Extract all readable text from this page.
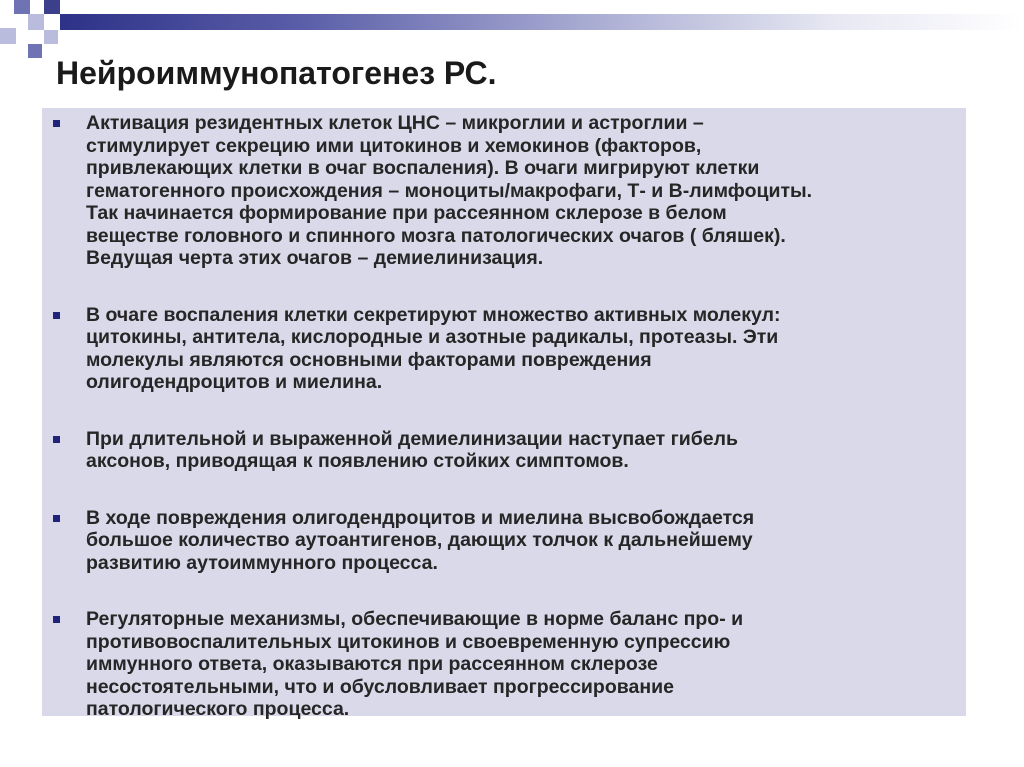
Нейроиммунопатогенез РС.
Активация резидентных клеток ЦНС – микроглии и астроглии –
стимулирует секрецию ими цитокинов и хемокинов (факторов,
привлекающих клетки в очаг воспаления). В очаги мигрируют клетки
гематогенного происхождения – моноциты/макрофаги, Т- и В-лимфоциты.
Так начинается формирование при рассеянном склерозе в белом
веществе головного и спинного мозга патологических очагов ( бляшек).
Ведущая черта этих очагов – демиелинизация.
В очаге воспаления клетки секретируют множество активных молекул:
цитокины, антитела, кислородные и азотные радикалы, протеазы. Эти
молекулы являются основными факторами повреждения
олигодендроцитов и миелина.
При длительной и выраженной демиелинизации наступает гибель
аксонов, приводящая к появлению стойких симптомов.
В ходе повреждения олигодендроцитов и миелина высвобождается
большое количество аутоантигенов, дающих толчок к дальнейшему
развитию аутоиммунного процесса.
Регуляторные механизмы, обеспечивающие в норме баланс про- и
противовоспалительных цитокинов и своевременную супрессию
иммунного ответа, оказываются при рассеянном склерозе
несостоятельными, что и обусловливает прогрессирование
патологического процесса.
